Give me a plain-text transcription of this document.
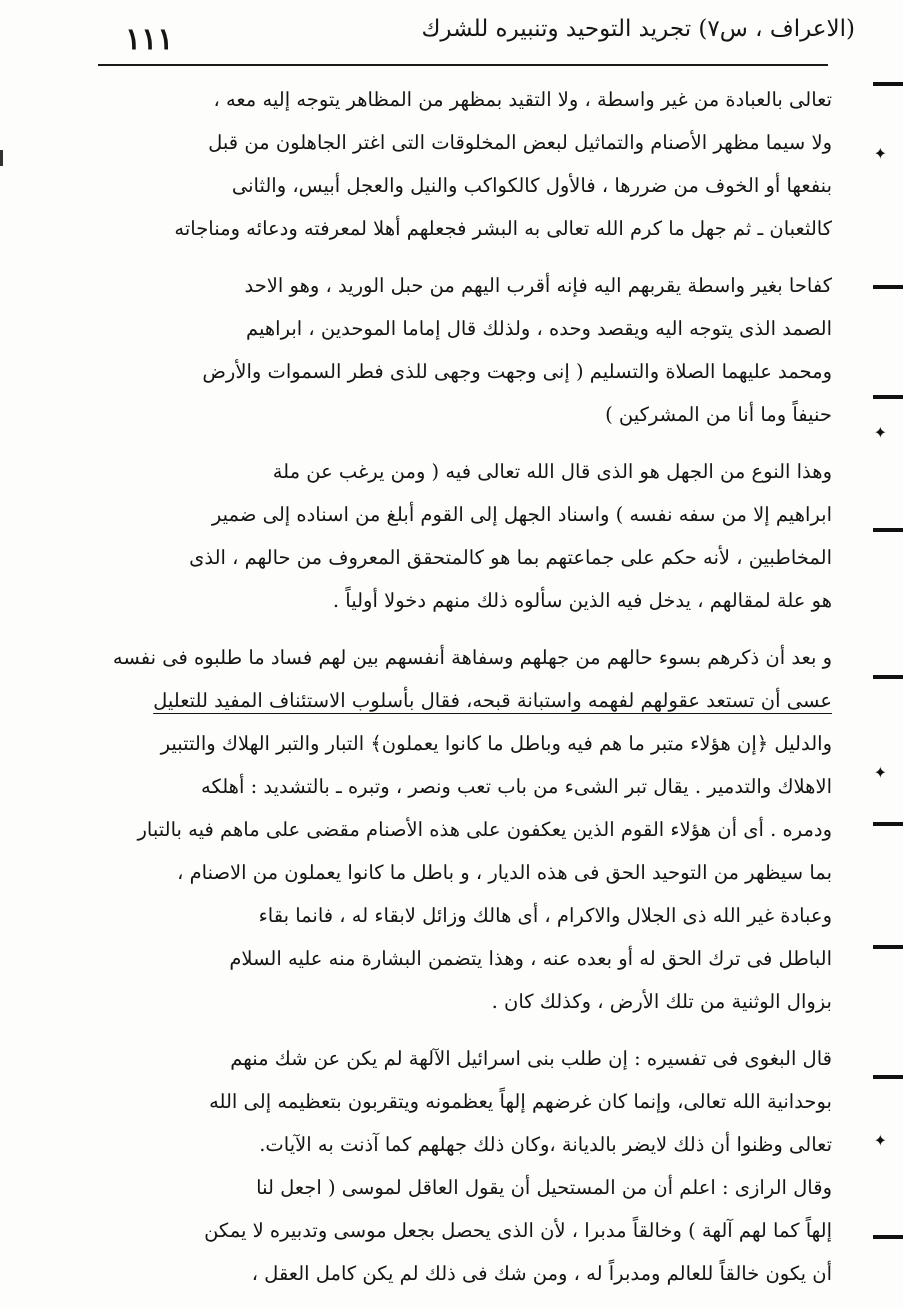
(الاعراف ، س٧) تجريد التوحيد وتنبيره للشرك
١١١
تعالى بالعبادة من غير واسطة ، ولا التقيد بمظهر من المظاهر يتوجه إليه معه ،
ولا سيما مظهر الأصنام والتماثيل لبعض المخلوقات التى اغتر الجاهلون من قبل
بنفعها أو الخوف من ضررها ، فالأول كالكواكب والنيل والعجل أبيس، والثانى
كالثعبان ـ ثم جهل ما كرم الله تعالى به البشر فجعلهم أهلا لمعرفته ودعائه ومناجاته
كفاحا بغير واسطة يقربهم اليه فإنه أقرب اليهم من حبل الوريد ، وهو الاحد
الصمد الذى يتوجه اليه ويقصد وحده ، ولذلك قال إماما الموحدين ، ابراهيم
ومحمد عليهما الصلاة والتسليم ( إنى وجهت وجهى للذى فطر السموات والأرض
حنيفاً وما أنا من المشركين )
وهذا النوع من الجهل هو الذى قال الله تعالى فيه ( ومن يرغب عن ملة
ابراهيم إلا من سفه نفسه ) واسناد الجهل إلى القوم أبلغ من اسناده إلى ضمير
المخاطبين ، لأنه حكم على جماعتهم بما هو كالمتحقق المعروف من حالهم ، الذى
هو علة لمقالهم ، يدخل فيه الذين سألوه ذلك منهم دخولا أولياً .
و بعد أن ذكرهم بسوء حالهم من جهلهم وسفاهة أنفسهم بين لهم فساد ما طلبوه فى نفسه
عسى أن تستعد عقولهم لفهمه واستبانة قبحه، فقال بأسلوب الاستئناف المفيد للتعليل
والدليل ﴿إن هؤلاء متبر ما هم فيه وباطل ما كانوا يعملون﴾ التبار والتبر الهلاك والتتبير
الاهلاك والتدمير . يقال تبر الشىء من باب تعب ونصر ، وتبره ـ بالتشديد : أهلكه
ودمره . أى أن هؤلاء القوم الذين يعكفون على هذه الأصنام مقضى على ماهم فيه بالتبار
بما سيظهر من التوحيد الحق فى هذه الديار ، و باطل ما كانوا يعملون من الاصنام ،
وعبادة غير الله ذى الجلال والاكرام ، أى هالك وزائل لابقاء له ، فانما بقاء
الباطل فى ترك الحق له أو بعده عنه ، وهذا يتضمن البشارة منه عليه السلام
بزوال الوثنية من تلك الأرض ، وكذلك كان .
قال البغوى فى تفسيره : إن طلب بنى اسرائيل الآلهة لم يكن عن شك منهم
بوحدانية الله تعالى، وإنما كان غرضهم إلهاً يعظمونه ويتقربون بتعظيمه إلى الله
تعالى وظنوا أن ذلك لايضر بالديانة ،وكان ذلك جهلهم كما آذنت به الآيات.
وقال الرازى : اعلم أن من المستحيل أن يقول العاقل لموسى ( اجعل لنا
إلهاً كما لهم آلهة ) وخالقاً مدبرا ، لأن الذى يحصل بجعل موسى وتدبيره لا يمكن
أن يكون خالقاً للعالم ومدبراً له ، ومن شك فى ذلك لم يكن كامل العقل ،
✦
✦
✦
✦
